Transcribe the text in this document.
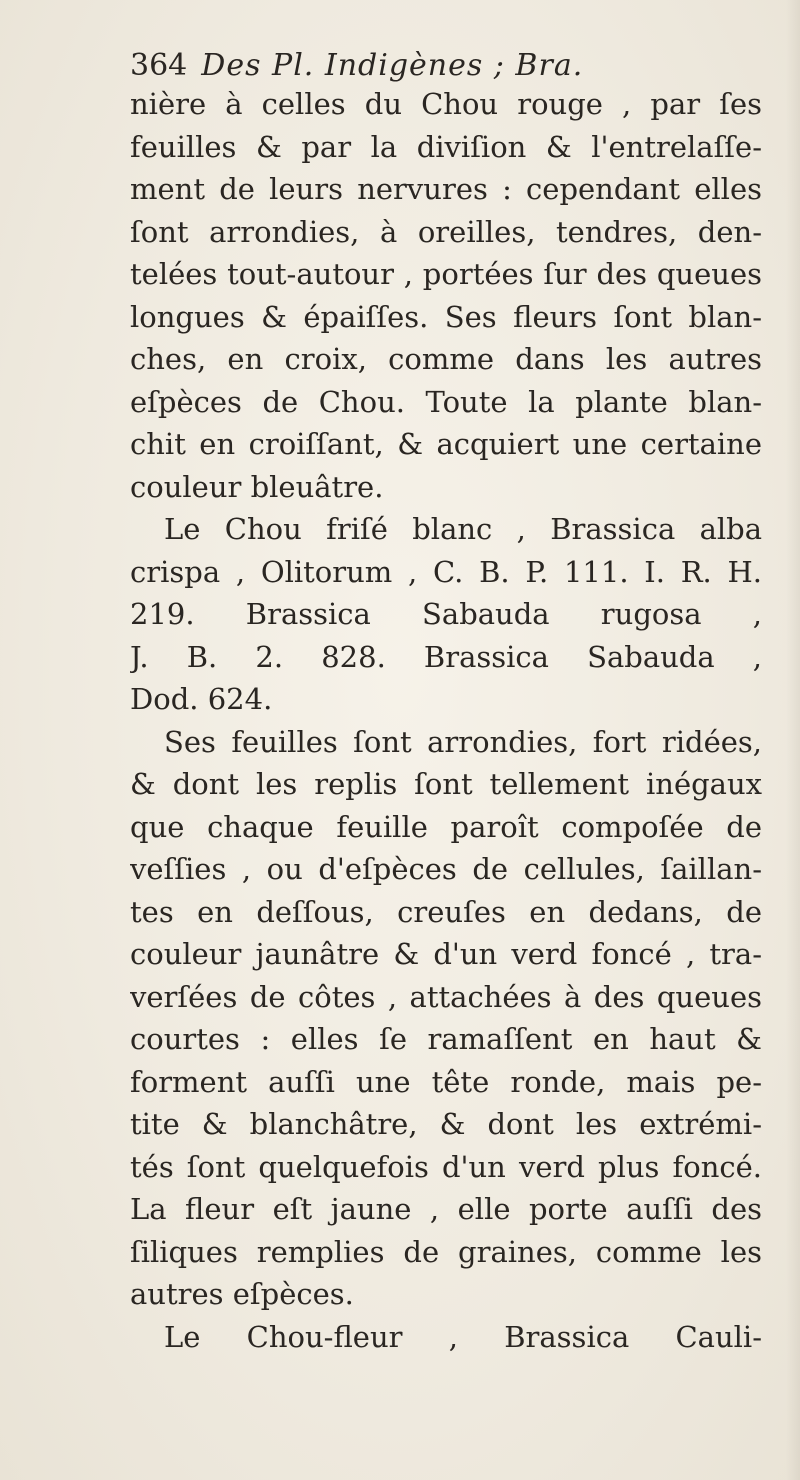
364 Des Pl. Indigènes ; Bra.
nière à celles du Chou rouge , par ſes
feuilles & par la diviſion & l'entrelaſſe-
ment de leurs nervures : cependant elles
ſont arrondies, à oreilles, tendres, den-
telées tout-autour , portées ſur des queues
longues & épaiſſes. Ses fleurs ſont blan-
ches, en croix, comme dans les autres
eſpèces de Chou. Toute la plante blan-
chit en croiſſant, & acquiert une certaine
couleur bleuâtre.
Le Chou friſé blanc , Brassica alba
crispa , Olitorum , C. B. P. 111. I. R. H.
219. Brassica Sabauda rugosa ,
J. B. 2. 828. Brassica Sabauda ,
Dod. 624.
Ses feuilles ſont arrondies, fort ridées,
& dont les replis ſont tellement inégaux
que chaque feuille paroît compoſée de
veſſies , ou d'eſpèces de cellules, ſaillan-
tes en deſſous, creuſes en dedans, de
couleur jaunâtre & d'un verd foncé , tra-
verſées de côtes , attachées à des queues
courtes : elles ſe ramaſſent en haut &
forment auſſi une tête ronde, mais pe-
tite & blanchâtre, & dont les extrémi-
tés ſont quelquefois d'un verd plus foncé.
La fleur eſt jaune , elle porte auſſi des
ſiliques remplies de graines, comme les
autres eſpèces.
Le Chou-fleur , Brassica Cauli-
